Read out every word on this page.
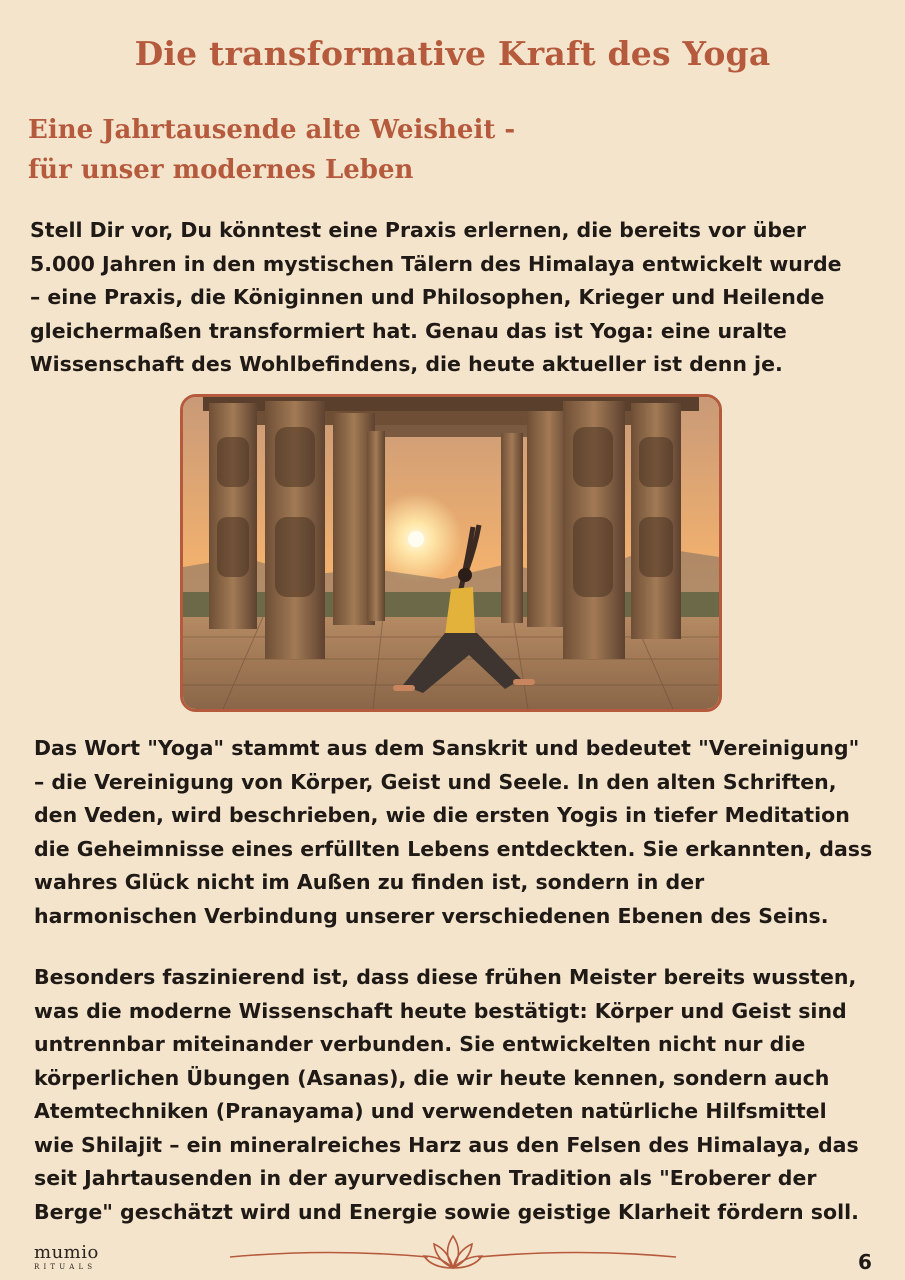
Die transformative Kraft des Yoga
Eine Jahrtausende alte Weisheit -
für unser modernes Leben

Stell Dir vor, Du könntest eine Praxis erlernen, die bereits vor über
5.000 Jahren in den mystischen Tälern des Himalaya entwickelt wurde
– eine Praxis, die Königinnen und Philosophen, Krieger und Heilende
gleichermaßen transformiert hat. Genau das ist Yoga: eine uralte
Wissenschaft des Wohlbefindens, die heute aktueller ist denn je.

Das Wort "Yoga" stammt aus dem Sanskrit und bedeutet "Vereinigung"
– die Vereinigung von Körper, Geist und Seele. In den alten Schriften,
den Veden, wird beschrieben, wie die ersten Yogis in tiefer Meditation
die Geheimnisse eines erfüllten Lebens entdeckten. Sie erkannten, dass
wahres Glück nicht im Außen zu finden ist, sondern in der
harmonischen Verbindung unserer verschiedenen Ebenen des Seins.

Besonders faszinierend ist, dass diese frühen Meister bereits wussten,
was die moderne Wissenschaft heute bestätigt: Körper und Geist sind
untrennbar miteinander verbunden. Sie entwickelten nicht nur die
körperlichen Übungen (Asanas), die wir heute kennen, sondern auch
Atemtechniken (Pranayama) und verwendeten natürliche Hilfsmittel
wie Shilajit – ein mineralreiches Harz aus den Felsen des Himalaya, das
seit Jahrtausenden in der ayurvedischen Tradition als "Eroberer der
Berge" geschätzt wird und Energie sowie geistige Klarheit fördern soll.

mumio
RITUALS	6
